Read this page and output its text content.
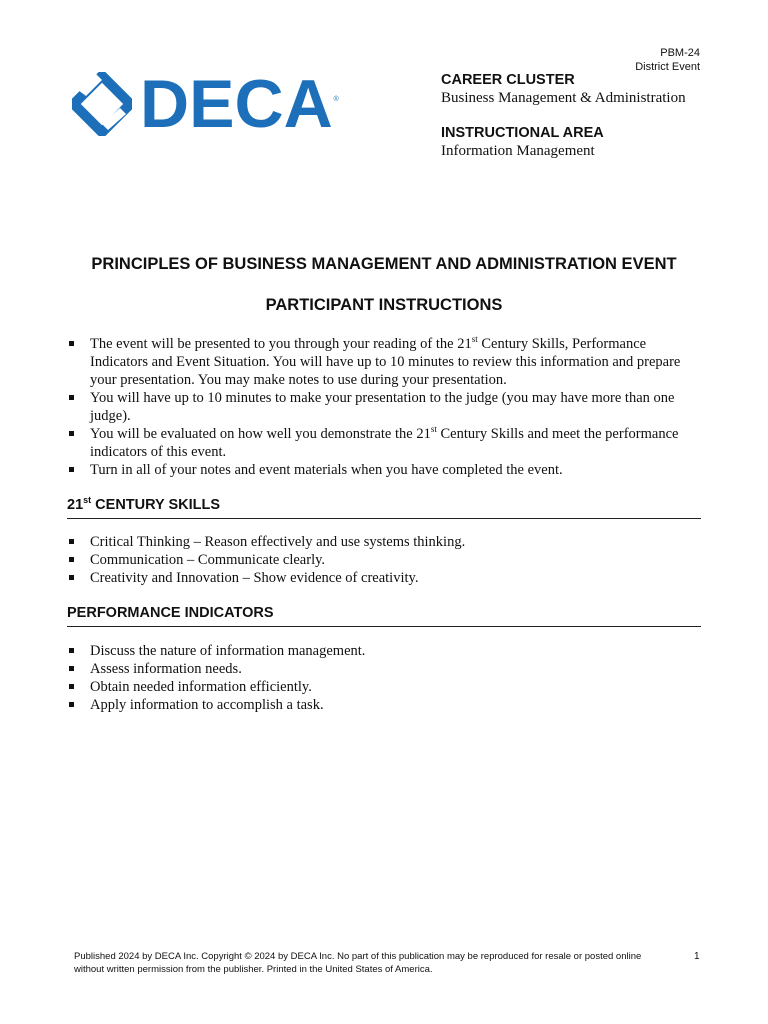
PBM-24
District Event
DECA ®
CAREER CLUSTER
Business Management & Administration
INSTRUCTIONAL AREA
Information Management
PRINCIPLES OF BUSINESS MANAGEMENT AND ADMINISTRATION EVENT
PARTICIPANT INSTRUCTIONS
The event will be presented to you through your reading of the 21st Century Skills, Performance Indicators and Event Situation. You will have up to 10 minutes to review this information and prepare your presentation. You may make notes to use during your presentation.
You will have up to 10 minutes to make your presentation to the judge (you may have more than one judge).
You will be evaluated on how well you demonstrate the 21st Century Skills and meet the performance indicators of this event.
Turn in all of your notes and event materials when you have completed the event.
21st CENTURY SKILLS
Critical Thinking – Reason effectively and use systems thinking.
Communication – Communicate clearly.
Creativity and Innovation – Show evidence of creativity.
PERFORMANCE INDICATORS
Discuss the nature of information management.
Assess information needs.
Obtain needed information efficiently.
Apply information to accomplish a task.
Published 2024 by DECA Inc. Copyright © 2024 by DECA Inc. No part of this publication may be reproduced for resale or posted online without written permission from the publisher. Printed in the United States of America.
1
